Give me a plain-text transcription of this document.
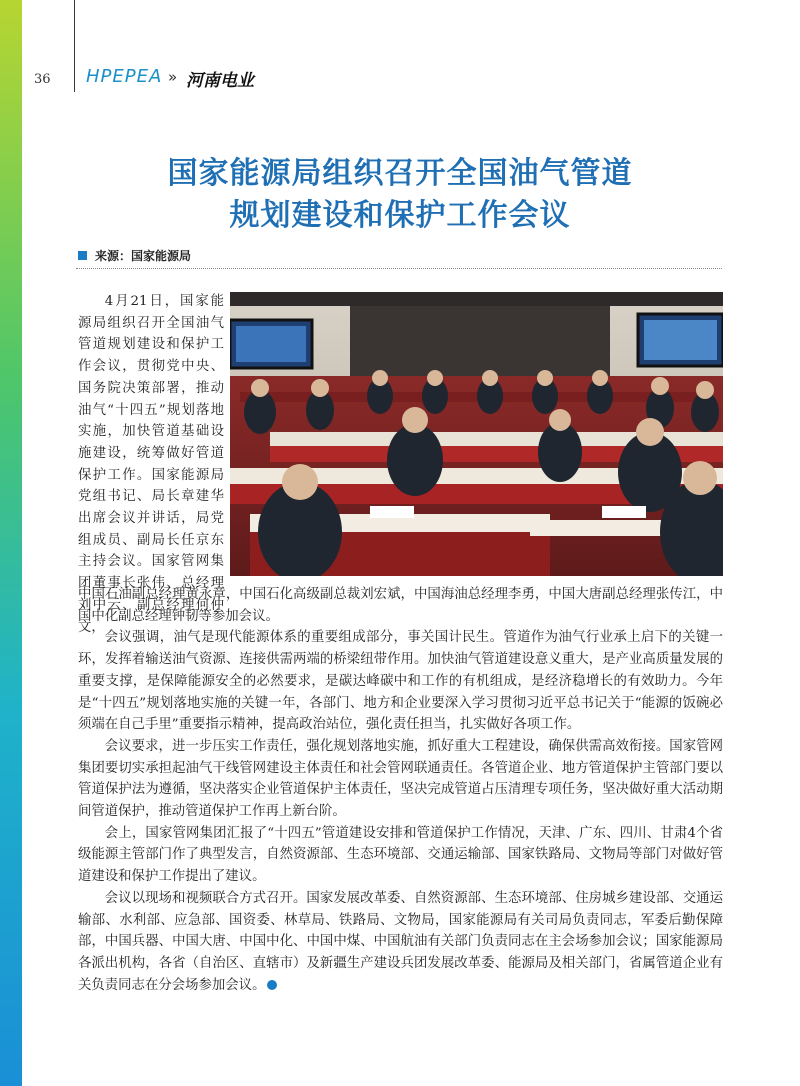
36 HPEPEA » 河南电业
国家能源局组织召开全国油气管道
规划建设和保护工作会议
来源：国家能源局

4月21日，国家能源局组织召开全国油气管道规划建设和保护工作会议，贯彻党中央、国务院决策部署，推动油气“十四五”规划落地实施，加快管道基础设施建设，统筹做好管道保护工作。国家能源局党组书记、局长章建华出席会议并讲话，局党组成员、副局长任京东主持会议。国家管网集团董事长张伟、总经理刘中云、副总经理何仲文，

中国石油副总经理黄永章，中国石化高级副总裁刘宏斌，中国海油总经理李勇，中国大唐副总经理张传江，中国中化副总经理钟韧等参加会议。

会议强调，油气是现代能源体系的重要组成部分，事关国计民生。管道作为油气行业承上启下的关键一环，发挥着输送油气资源、连接供需两端的桥梁纽带作用。加快油气管道建设意义重大，是产业高质量发展的重要支撑，是保障能源安全的必然要求，是碳达峰碳中和工作的有机组成，是经济稳增长的有效助力。今年是“十四五”规划落地实施的关键一年，各部门、地方和企业要深入学习贯彻习近平总书记关于“能源的饭碗必须端在自己手里”重要指示精神，提高政治站位，强化责任担当，扎实做好各项工作。

会议要求，进一步压实工作责任，强化规划落地实施，抓好重大工程建设，确保供需高效衔接。国家管网集团要切实承担起油气干线管网建设主体责任和社会管网联通责任。各管道企业、地方管道保护主管部门要以管道保护法为遵循，坚决落实企业管道保护主体责任，坚决完成管道占压清理专项任务，坚决做好重大活动期间管道保护，推动管道保护工作再上新台阶。

会上，国家管网集团汇报了“十四五”管道建设安排和管道保护工作情况，天津、广东、四川、甘肃4个省级能源主管部门作了典型发言，自然资源部、生态环境部、交通运输部、国家铁路局、文物局等部门对做好管道建设和保护工作提出了建议。

会议以现场和视频联合方式召开。国家发展改革委、自然资源部、生态环境部、住房城乡建设部、交通运输部、水利部、应急部、国资委、林草局、铁路局、文物局，国家能源局有关司局负责同志，军委后勤保障部，中国兵器、中国大唐、中国中化、中国中煤、中国航油有关部门负责同志在主会场参加会议；国家能源局各派出机构，各省（自治区、直辖市）及新疆生产建设兵团发展改革委、能源局及相关部门，省属管道企业有关负责同志在分会场参加会议。
